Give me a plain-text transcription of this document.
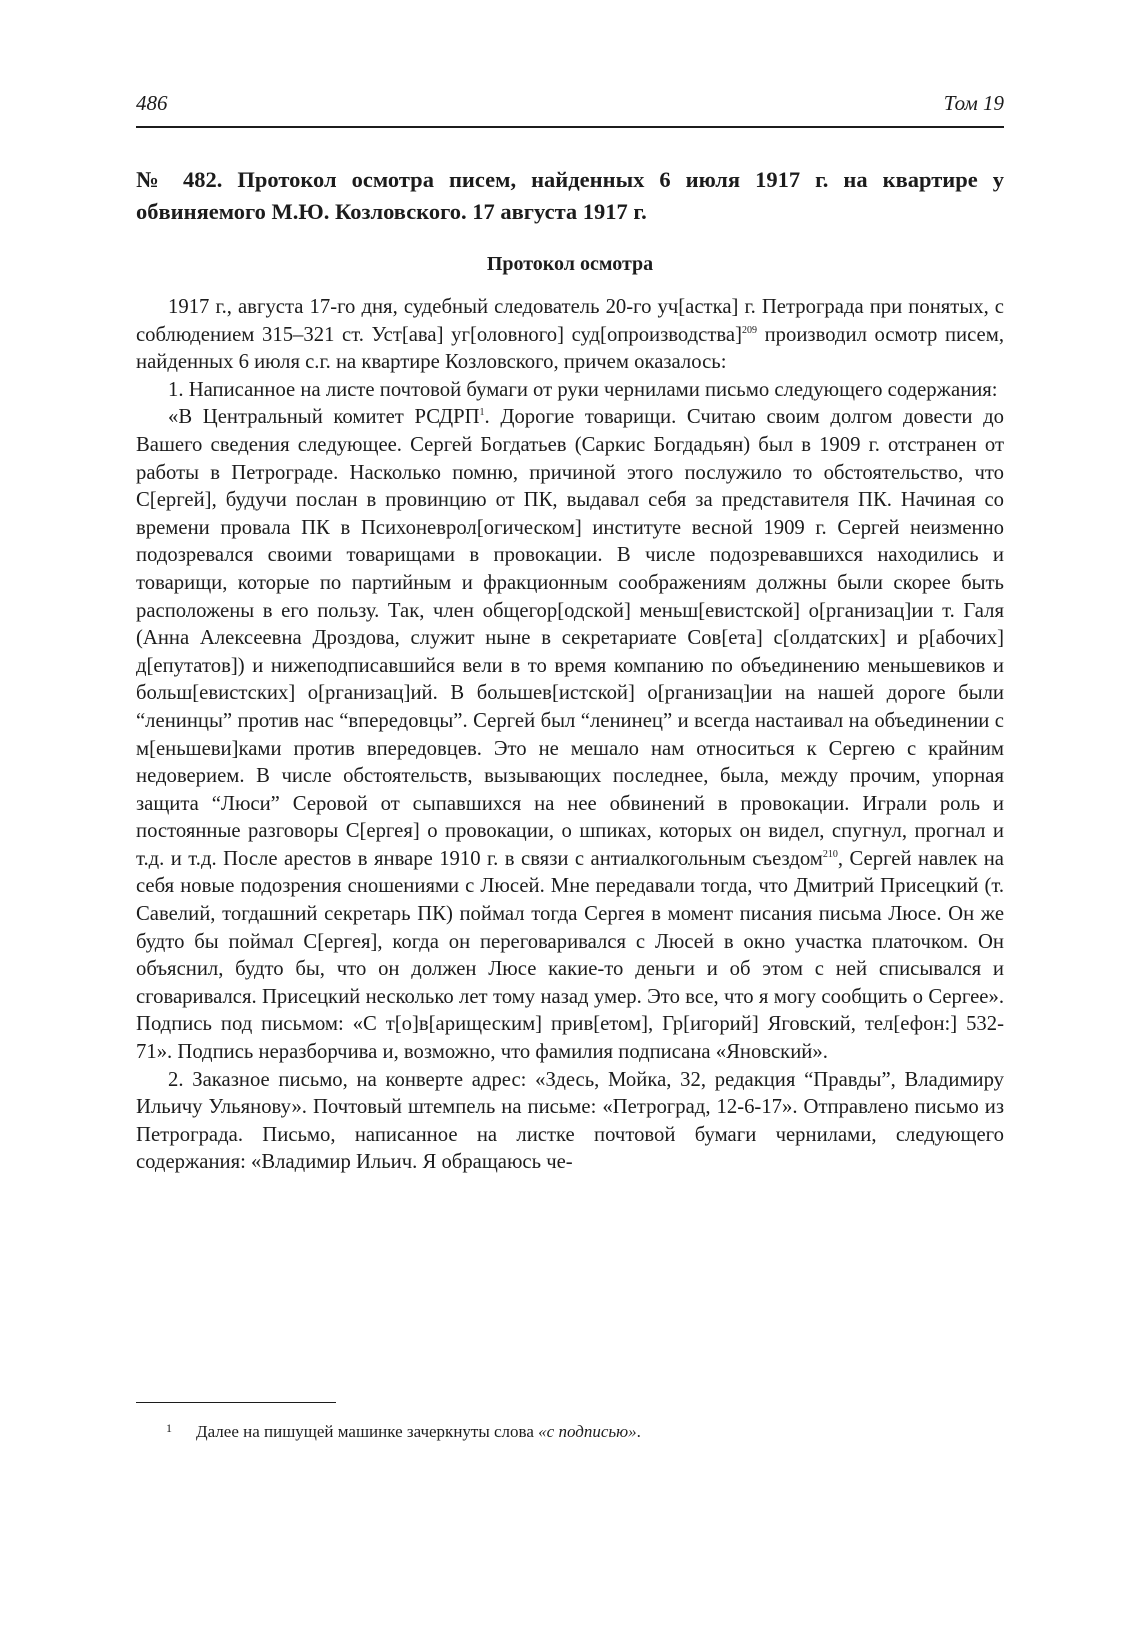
486	Том 19
№ 482. Протокол осмотра писем, найденных 6 июля 1917 г. на квартире у обвиняемого М.Ю. Козловского. 17 августа 1917 г.
Протокол осмотра

1917 г., августа 17-го дня, судебный следователь 20-го уч[астка] г. Петрограда при понятых, с соблюдением 315–321 ст. Уст[ава] уг[оловного] суд[опроизводства]$^{209}$ производил осмотр писем, найденных 6 июля с.г. на квартире Козловского, причем оказалось:

1. Написанное на листе почтовой бумаги от руки чернилами письмо следующего содержания:

«В Центральный комитет РСДРП$^1$. Дорогие товарищи. Считаю своим долгом довести до Вашего сведения следующее. Сергей Богдатьев (Саркис Богдадьян) был в 1909 г. отстранен от работы в Петрограде. Насколько помню, причиной этого послужило то обстоятельство, что С[ергей], будучи послан в провинцию от ПК, выдавал себя за представителя ПК. Начиная со времени провала ПК в Психоневрол[огическом] институте весной 1909 г. Сергей неизменно подозревался своими товарищами в провокации. В числе подозревавшихся находились и товарищи, которые по партийным и фракционным соображениям должны были скорее быть расположены в его пользу. Так, член общегор[одской] меньш[евистской] о[рганизац]ии т. Галя (Анна Алексеевна Дроздова, служит ныне в секретариате Сов[ета] с[олдатских] и р[абочих] д[епутатов]) и нижеподписавшийся вели в то время компанию по объединению меньшевиков и больш[евистских] о[рганизац]ий. В большев[истской] о[рганизац]ии на нашей дороге были “ленинцы” против нас “впередовцы”. Сергей был “ленинец” и всегда настаивал на объединении с м[еньшеви]ками против впередовцев. Это не мешало нам относиться к Сергею с крайним недоверием. В числе обстоятельств, вызывающих последнее, была, между прочим, упорная защита “Люси” Серовой от сыпавшихся на нее обвинений в провокации. Играли роль и постоянные разговоры С[ергея] о провокации, о шпиках, которых он видел, спугнул, прогнал и т.д. и т.д. После арестов в январе 1910 г. в связи с антиалкогольным съездом$^{210}$, Сергей навлек на себя новые подозрения сношениями с Люсей. Мне передавали тогда, что Дмитрий Присецкий (т. Савелий, тогдашний секретарь ПК) поймал тогда Сергея в момент писания письма Люсе. Он же будто бы поймал С[ергея], когда он переговаривался с Люсей в окно участка платочком. Он объяснил, будто бы, что он должен Люсе какие-то деньги и об этом с ней списывался и сговаривался. Присецкий несколько лет тому назад умер. Это все, что я могу сообщить о Сергее». Подпись под письмом: «С т[о]в[арищеским] прив[етом], Гр[игорий] Яговский, тел[ефон:] 532-71». Подпись неразборчива и, возможно, что фамилия подписана «Яновский».

2. Заказное письмо, на конверте адрес: «Здесь, Мойка, 32, редакция “Правды”, Владимиру Ильичу Ульянову». Почтовый штемпель на письме: «Петроград, 12-6-17». Отправлено письмо из Петрограда. Письмо, написанное на листке почтовой бумаги чернилами, следующего содержания: «Владимир Ильич. Я обращаюсь че-

1 Далее на пишущей машинке зачеркнуты слова «с подписью».
